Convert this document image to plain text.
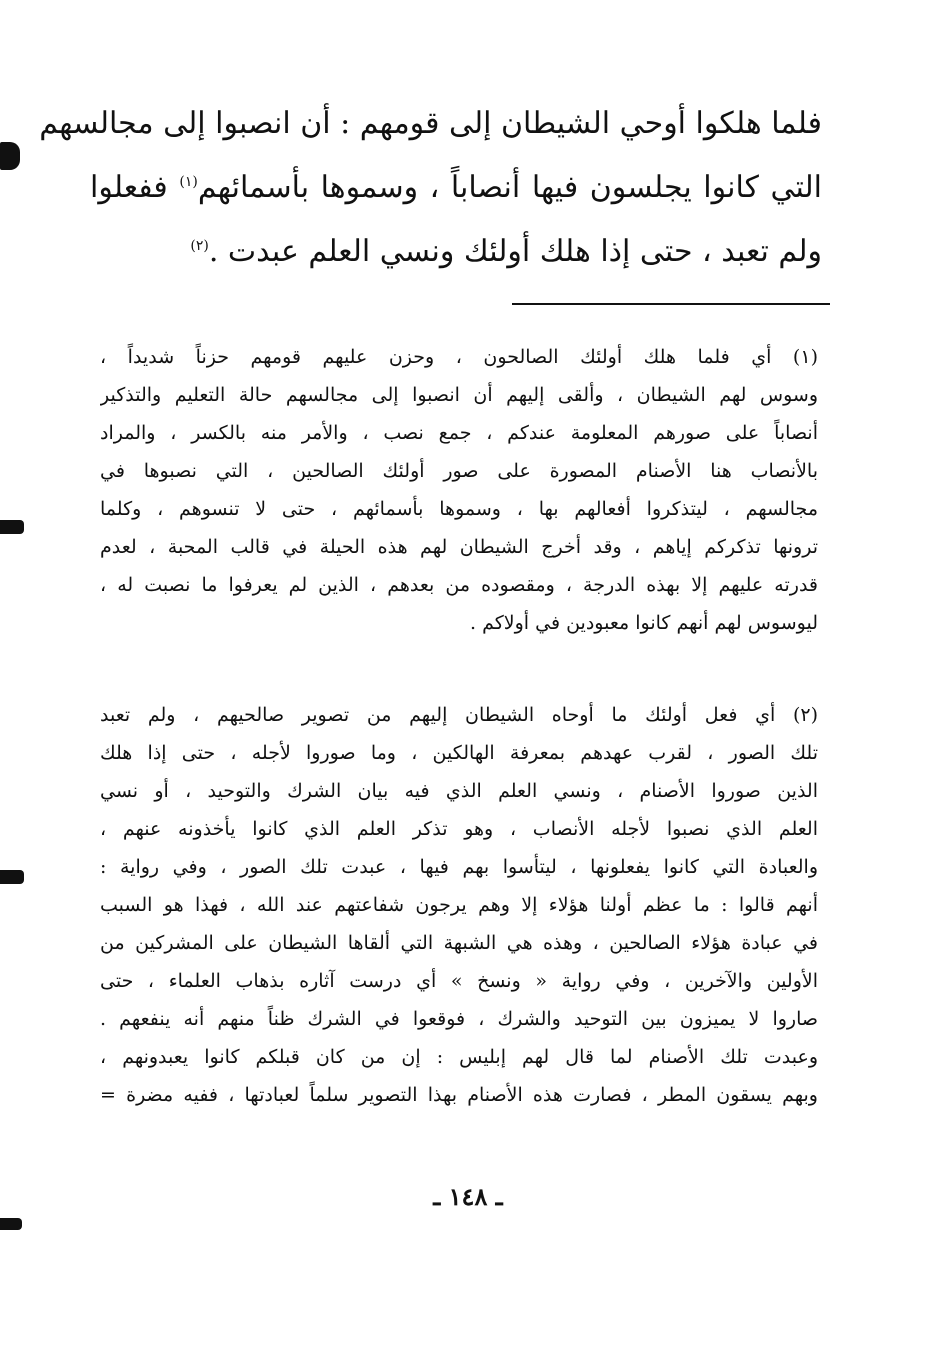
فلما هلكوا أوحي الشيطان إلى قومهم : أن انصبوا إلى مجالسهم
التي كانوا يجلسون فيها أنصاباً ، وسموها بأسمائهم$^{(١)}$ ففعلوا
ولم تعبد ، حتى إذا هلك أولئك ونسي العلم عبدت .$^{(٢)}$
(١) أي فلما هلك أولئك الصالحون ، وحزن عليهم قومهم حزناً شديداً ،
وسوس لهم الشيطان ، وألقى إليهم أن انصبوا إلى مجالسهم حالة التعليم والتذكير
أنصاباً على صورهم المعلومة عندكم ، جمع نصب ، والأمر منه بالكسر ، والمراد
بالأنصاب هنا الأصنام المصورة على صور أولئك الصالحين ، التي نصبوها في
مجالسهم ، ليتذكروا أفعالهم بها ، وسموها بأسمائهم ، حتى لا تنسوهم ، وكلما
ترونها تذكركم إياهم ، وقد أخرج الشيطان لهم هذه الحيلة في قالب المحبة ، لعدم
قدرته عليهم إلا بهذه الدرجة ، ومقصوده من بعدهم ، الذين لم يعرفوا ما نصبت له ،
ليوسوس لهم أنهم كانوا معبودين في أولاكم .
(٢) أي فعل أولئك ما أوحاه الشيطان إليهم من تصوير صالحيهم ، ولم تعبد
تلك الصور ، لقرب عهدهم بمعرفة الهالكين ، وما صوروا لأجله ، حتى إذا هلك
الذين صوروا الأصنام ، ونسي العلم الذي فيه بيان الشرك والتوحيد ، أو نسي
العلم الذي نصبوا لأجله الأنصاب ، وهو تذكر العلم الذي كانوا يأخذونه عنهم ،
والعبادة التي كانوا يفعلونها ، ليتأسوا بهم فيها ، عبدت تلك الصور ، وفي رواية :
أنهم قالوا : ما عظم أولنا هؤلاء إلا وهم يرجون شفاعتهم عند الله ، فهذا هو السبب
في عبادة هؤلاء الصالحين ، وهذه هي الشبهة التي ألقاها الشيطان على المشركين من
الأولين والآخرين ، وفي رواية « ونسخ » أي درست آثاره بذهاب العلماء ، حتى
صاروا لا يميزون بين التوحيد والشرك ، فوقعوا في الشرك ظناً منهم أنه ينفعهم .
وعبدت تلك الأصنام لما قال لهم إبليس : إن من كان قبلكم كانوا يعبدونهم ،
وبهم يسقون المطر ، فصارت هذه الأصنام بهذا التصوير سلماً لعبادتها ، ففيه مضرة =
ـ ١٤٨ ـ
